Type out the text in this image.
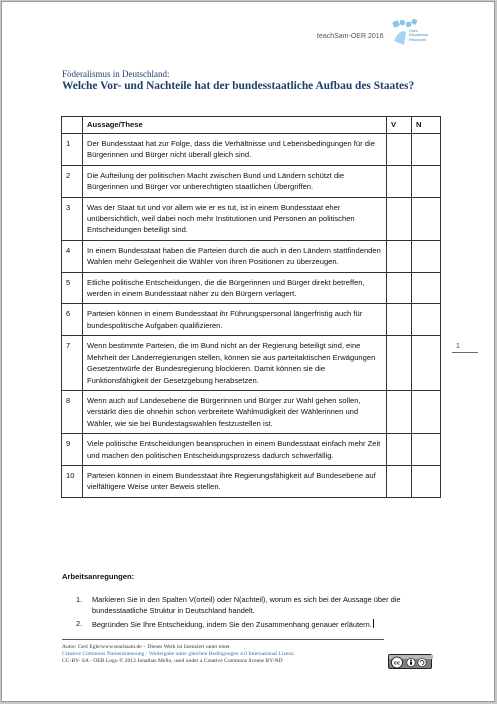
teachSam-OER 2016
Open
Educational
Resources
Föderalismus in Deutschland:
Welche Vor- und Nachteile hat der bundesstaatliche Aufbau des Staates?
	Aussage/These	V	N
1	Der Bundesstaat hat zur Folge, dass die Verhältnisse und Lebensbedingungen für die Bürgerinnen und Bürger nicht überall gleich sind.		
2	Die Aufteilung der politischen Macht zwischen Bund und Ländern schützt die Bürgerinnen und Bürger vor unberechtigten staatlichen Übergriffen.		
3	Was der Staat tut und vor allem wie er es tut, ist in einem Bundesstaat eher unübersichtlich, weil dabei noch mehr Institutionen und Personen an politischen Entscheidungen beteiligt sind.		
4	In einem Bundesstaat haben die Parteien durch die auch in den Ländern stattfindenden Wahlen mehr Gelegenheit die Wähler von ihren Positionen zu überzeugen.		
5	Etliche politische Entscheidungen, die die Bürgerinnen und Bürger direkt betreffen, werden in einem Bundesstaat näher zu den Bürgern verlagert.		
6	Parteien können in einem Bundesstaat ihr Führungspersonal längerfristig auch für bundespolitische Aufgaben qualifizieren.		
7	Wenn bestimmte Parteien, die im Bund nicht an der Regierung beteiligt sind, eine Mehrheit der Länderregierungen stellen, können sie aus parteitaktischen Erwägungen Gesetzentwürfe der Bundesregierung blockieren. Damit können sie die Funktionsfähigkeit der Gesetzgebung herabsetzen.		
8	Wenn auch auf Landesebene die Bürgerinnen und Bürger zur Wahl gehen sollen, verstärkt dies die ohnehin schon verbreitete Wahlmüdigkeit der Wählerinnen und Wähler, wie sie bei Bundestagswahlen festzustellen ist.		
9	Viele politische Entscheidungen beanspruchen in einem Bundesstaat einfach mehr Zeit und machen den politischen Entscheidungsprozess dadurch schwerfällig.		
10	Parteien können in einem Bundesstaat ihre Regierungsfähigkeit auf Bundesebene auf vielfältigere Weise unter Beweis stellen.		
1
Arbeitsanregungen:
1. Markieren Sie in den Spalten V(orteil) oder N(achteil), worum es sich bei der Aussage über die bundesstaatliche Struktur in Deutschland handelt.
2. Begründen Sie Ihre Entscheidung, indem Sie den Zusammenhang genauer erläutern.
Autor: Gert Egle/www.teachsam.de – Dieses Werk ist lizenziert unter einer
Creative Commons Namensnennung - Weitergabe unter gleichen Bedingungen 4.0 International Lizenz.
CC-BY- SA - OER Logo © 2012 Jonathas Mello, used under a Creative Commons license BY-ND	cc
